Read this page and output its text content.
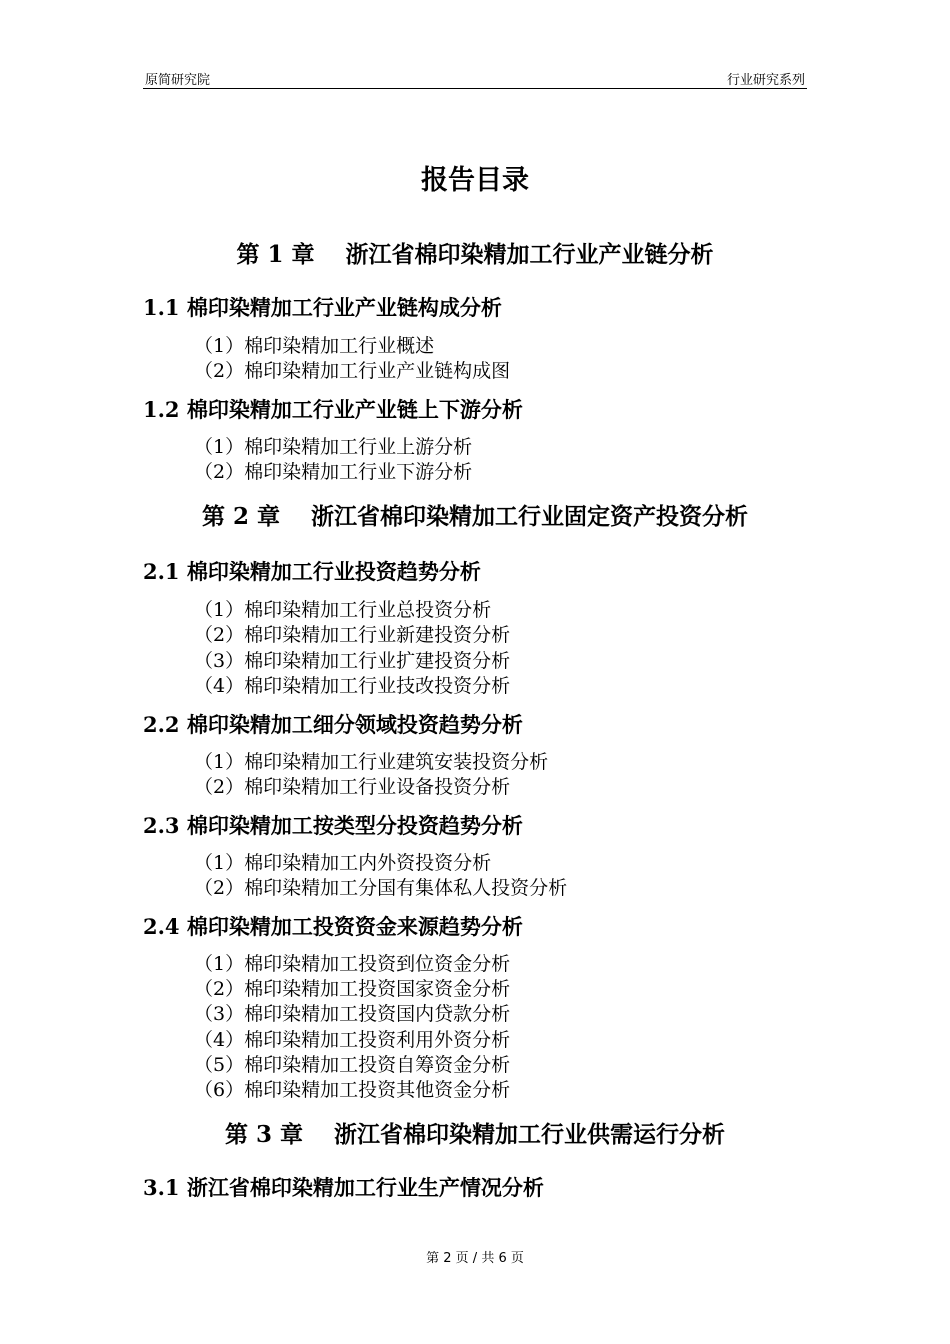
原简研究院	行业研究系列
报告目录
第 1 章　 浙江省棉印染精加工行业产业链分析
1.1 棉印染精加工行业产业链构成分析
（1）棉印染精加工行业概述
（2）棉印染精加工行业产业链构成图
1.2 棉印染精加工行业产业链上下游分析
（1）棉印染精加工行业上游分析
（2）棉印染精加工行业下游分析
第 2 章　 浙江省棉印染精加工行业固定资产投资分析
2.1 棉印染精加工行业投资趋势分析
（1）棉印染精加工行业总投资分析
（2）棉印染精加工行业新建投资分析
（3）棉印染精加工行业扩建投资分析
（4）棉印染精加工行业技改投资分析
2.2 棉印染精加工细分领域投资趋势分析
（1）棉印染精加工行业建筑安装投资分析
（2）棉印染精加工行业设备投资分析
2.3 棉印染精加工按类型分投资趋势分析
（1）棉印染精加工内外资投资分析
（2）棉印染精加工分国有集体私人投资分析
2.4 棉印染精加工投资资金来源趋势分析
（1）棉印染精加工投资到位资金分析
（2）棉印染精加工投资国家资金分析
（3）棉印染精加工投资国内贷款分析
（4）棉印染精加工投资利用外资分析
（5）棉印染精加工投资自筹资金分析
（6）棉印染精加工投资其他资金分析
第 3 章　 浙江省棉印染精加工行业供需运行分析
3.1 浙江省棉印染精加工行业生产情况分析
第 2 页 / 共 6 页
